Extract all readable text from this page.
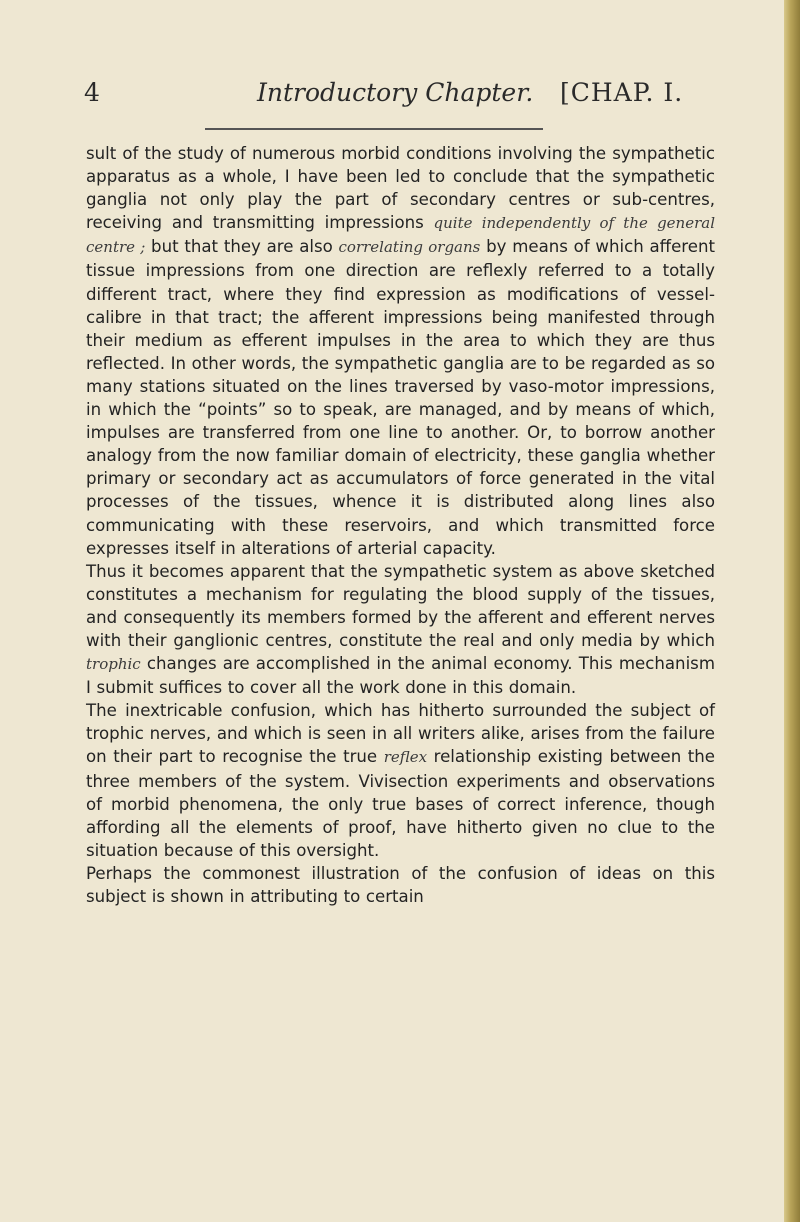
4	Introductory Chapter. [CHAP. I.

sult of the study of numerous morbid conditions involving the sympathetic apparatus as a whole, I have been led to conclude that the sympathetic ganglia not only play the part of secondary centres or sub-centres, receiving and transmitting impressions quite independently of the general centre ; but that they are also correlating organs by means of which afferent tissue impressions from one direction are reflexly referred to a totally different tract, where they find expression as modifications of vessel-calibre in that tract; the afferent impressions being manifested through their medium as efferent impulses in the area to which they are thus reflected. In other words, the sympathetic ganglia are to be regarded as so many stations situated on the lines traversed by vaso-motor impressions, in which the “points” so to speak, are managed, and by means of which, impulses are transferred from one line to another. Or, to borrow another analogy from the now familiar domain of electricity, these ganglia whether primary or secondary act as accumulators of force generated in the vital processes of the tissues, whence it is distributed along lines also communicating with these reservoirs, and which transmitted force expresses itself in alterations of arterial capacity.

Thus it becomes apparent that the sympathetic system as above sketched constitutes a mechanism for regulating the blood supply of the tissues, and consequently its members formed by the afferent and efferent nerves with their ganglionic centres, constitute the real and only media by which trophic changes are accomplished in the animal economy. This mechanism I submit suffices to cover all the work done in this domain.

The inextricable confusion, which has hitherto surrounded the subject of trophic nerves, and which is seen in all writers alike, arises from the failure on their part to recognise the true reflex relationship existing between the three members of the system. Vivisection experiments and observations of morbid phenomena, the only true bases of correct inference, though affording all the elements of proof, have hitherto given no clue to the situation because of this oversight.

Perhaps the commonest illustration of the confusion of ideas on this subject is shown in attributing to certain
